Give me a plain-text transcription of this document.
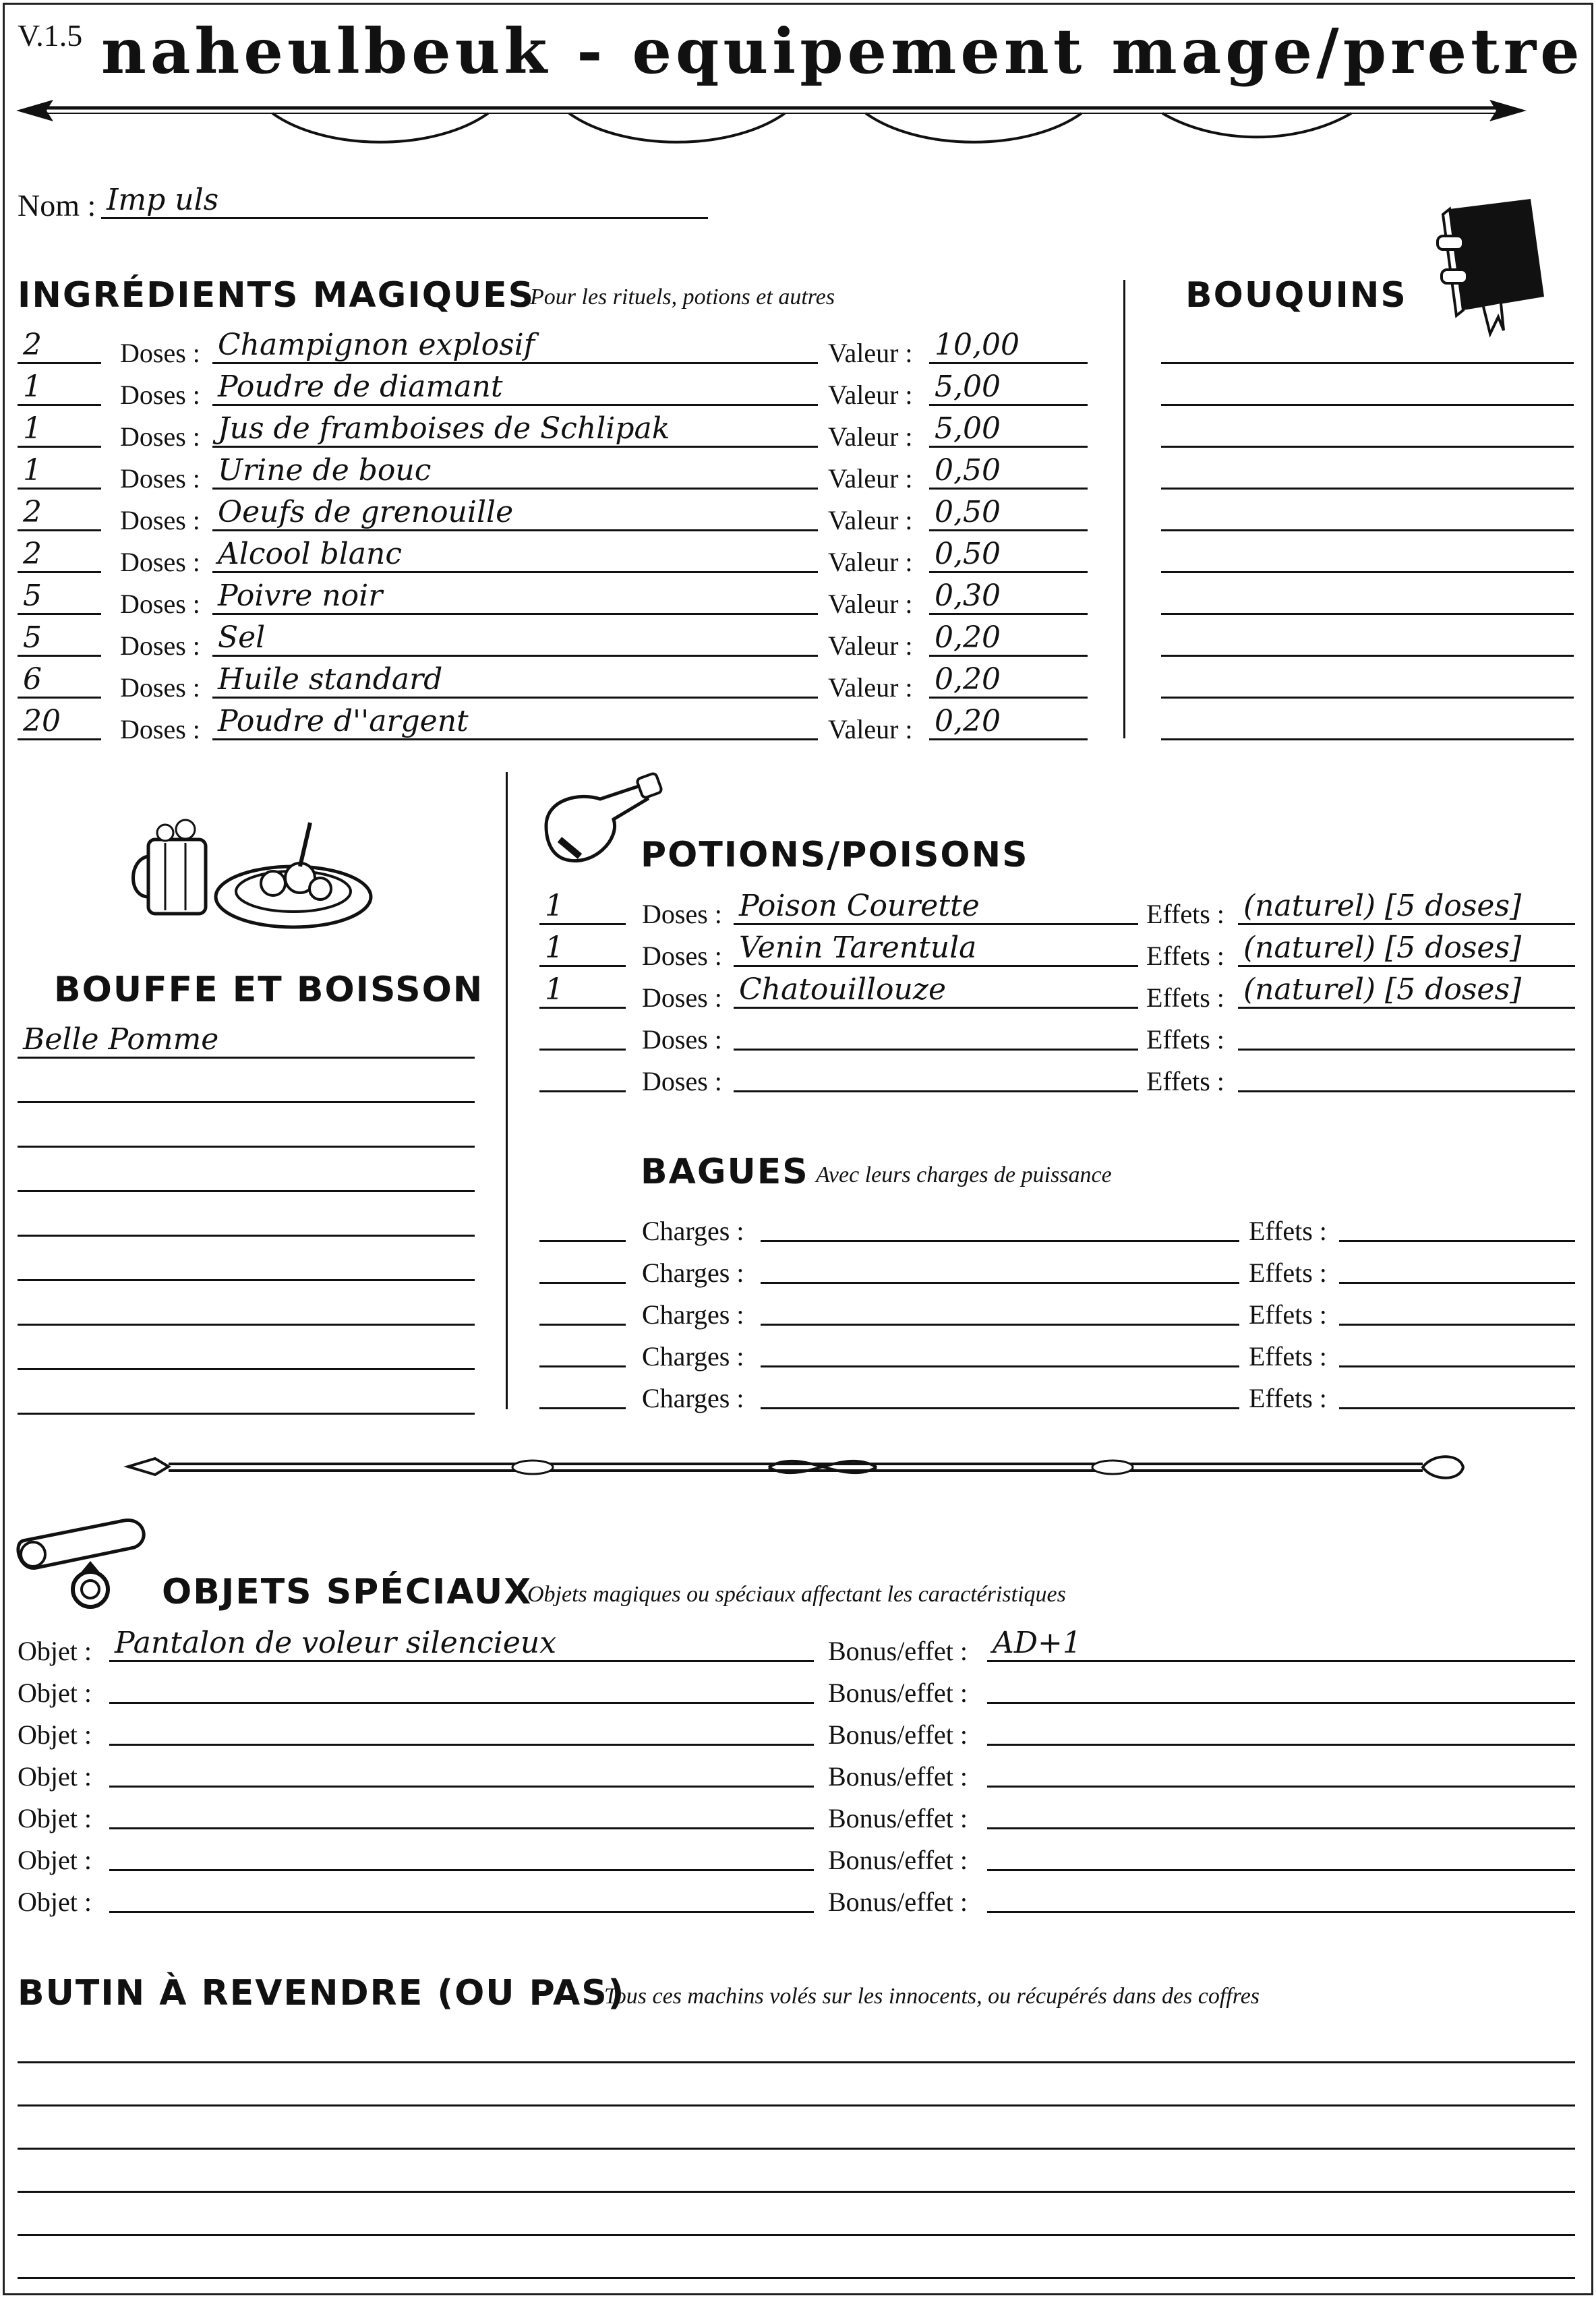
V.1.5 naheulbeuk - equipement mage/pretre
Nom : Imp uls
INGRÉDIENTS MAGIQUES
Pour les rituels, potions et autres
2	Doses : Champignon explosif	Valeur : 10,00
1	Doses : Poudre de diamant	Valeur : 5,00
1	Doses : Jus de framboises de Schlipak	Valeur : 5,00
1	Doses : Urine de bouc	Valeur : 0,50
2	Doses : Oeufs de grenouille	Valeur : 0,50
2	Doses : Alcool blanc	Valeur : 0,50
5	Doses : Poivre noir	Valeur : 0,30
5	Doses : Sel	Valeur : 0,20
6	Doses : Huile standard	Valeur : 0,20
20 Doses : Poudre d''argent	Valeur : 0,20
BOUQUINS
BOUFFE ET BOISSON
Belle Pomme
POTIONS/POISONS
1	Doses : Poison Courette	Effets : (naturel) [5 doses]
1	Doses : Venin Tarentula	Effets : (naturel) [5 doses]
1	Doses : Chatouillouze	Effets : (naturel) [5 doses]
Doses :	Effets :
Doses :	Effets :
BAGUES Avec leurs charges de puissance
Charges :	Effets :
Charges :	Effets :
Charges :	Effets :
Charges :	Effets :
Charges :	Effets :
OBJETS SPÉCIAUX
Objets magiques ou spéciaux affectant les caractéristiques
Objet : Pantalon de voleur silencieux	Bonus/effet : AD+1
Objet :	Bonus/effet :
Objet :	Bonus/effet :
Objet :	Bonus/effet :
Objet :	Bonus/effet :
Objet :	Bonus/effet :
Objet :	Bonus/effet :
BUTIN À REVENDRE (OU PAS)
Tous ces machins volés sur les innocents, ou récupérés dans des coffres
